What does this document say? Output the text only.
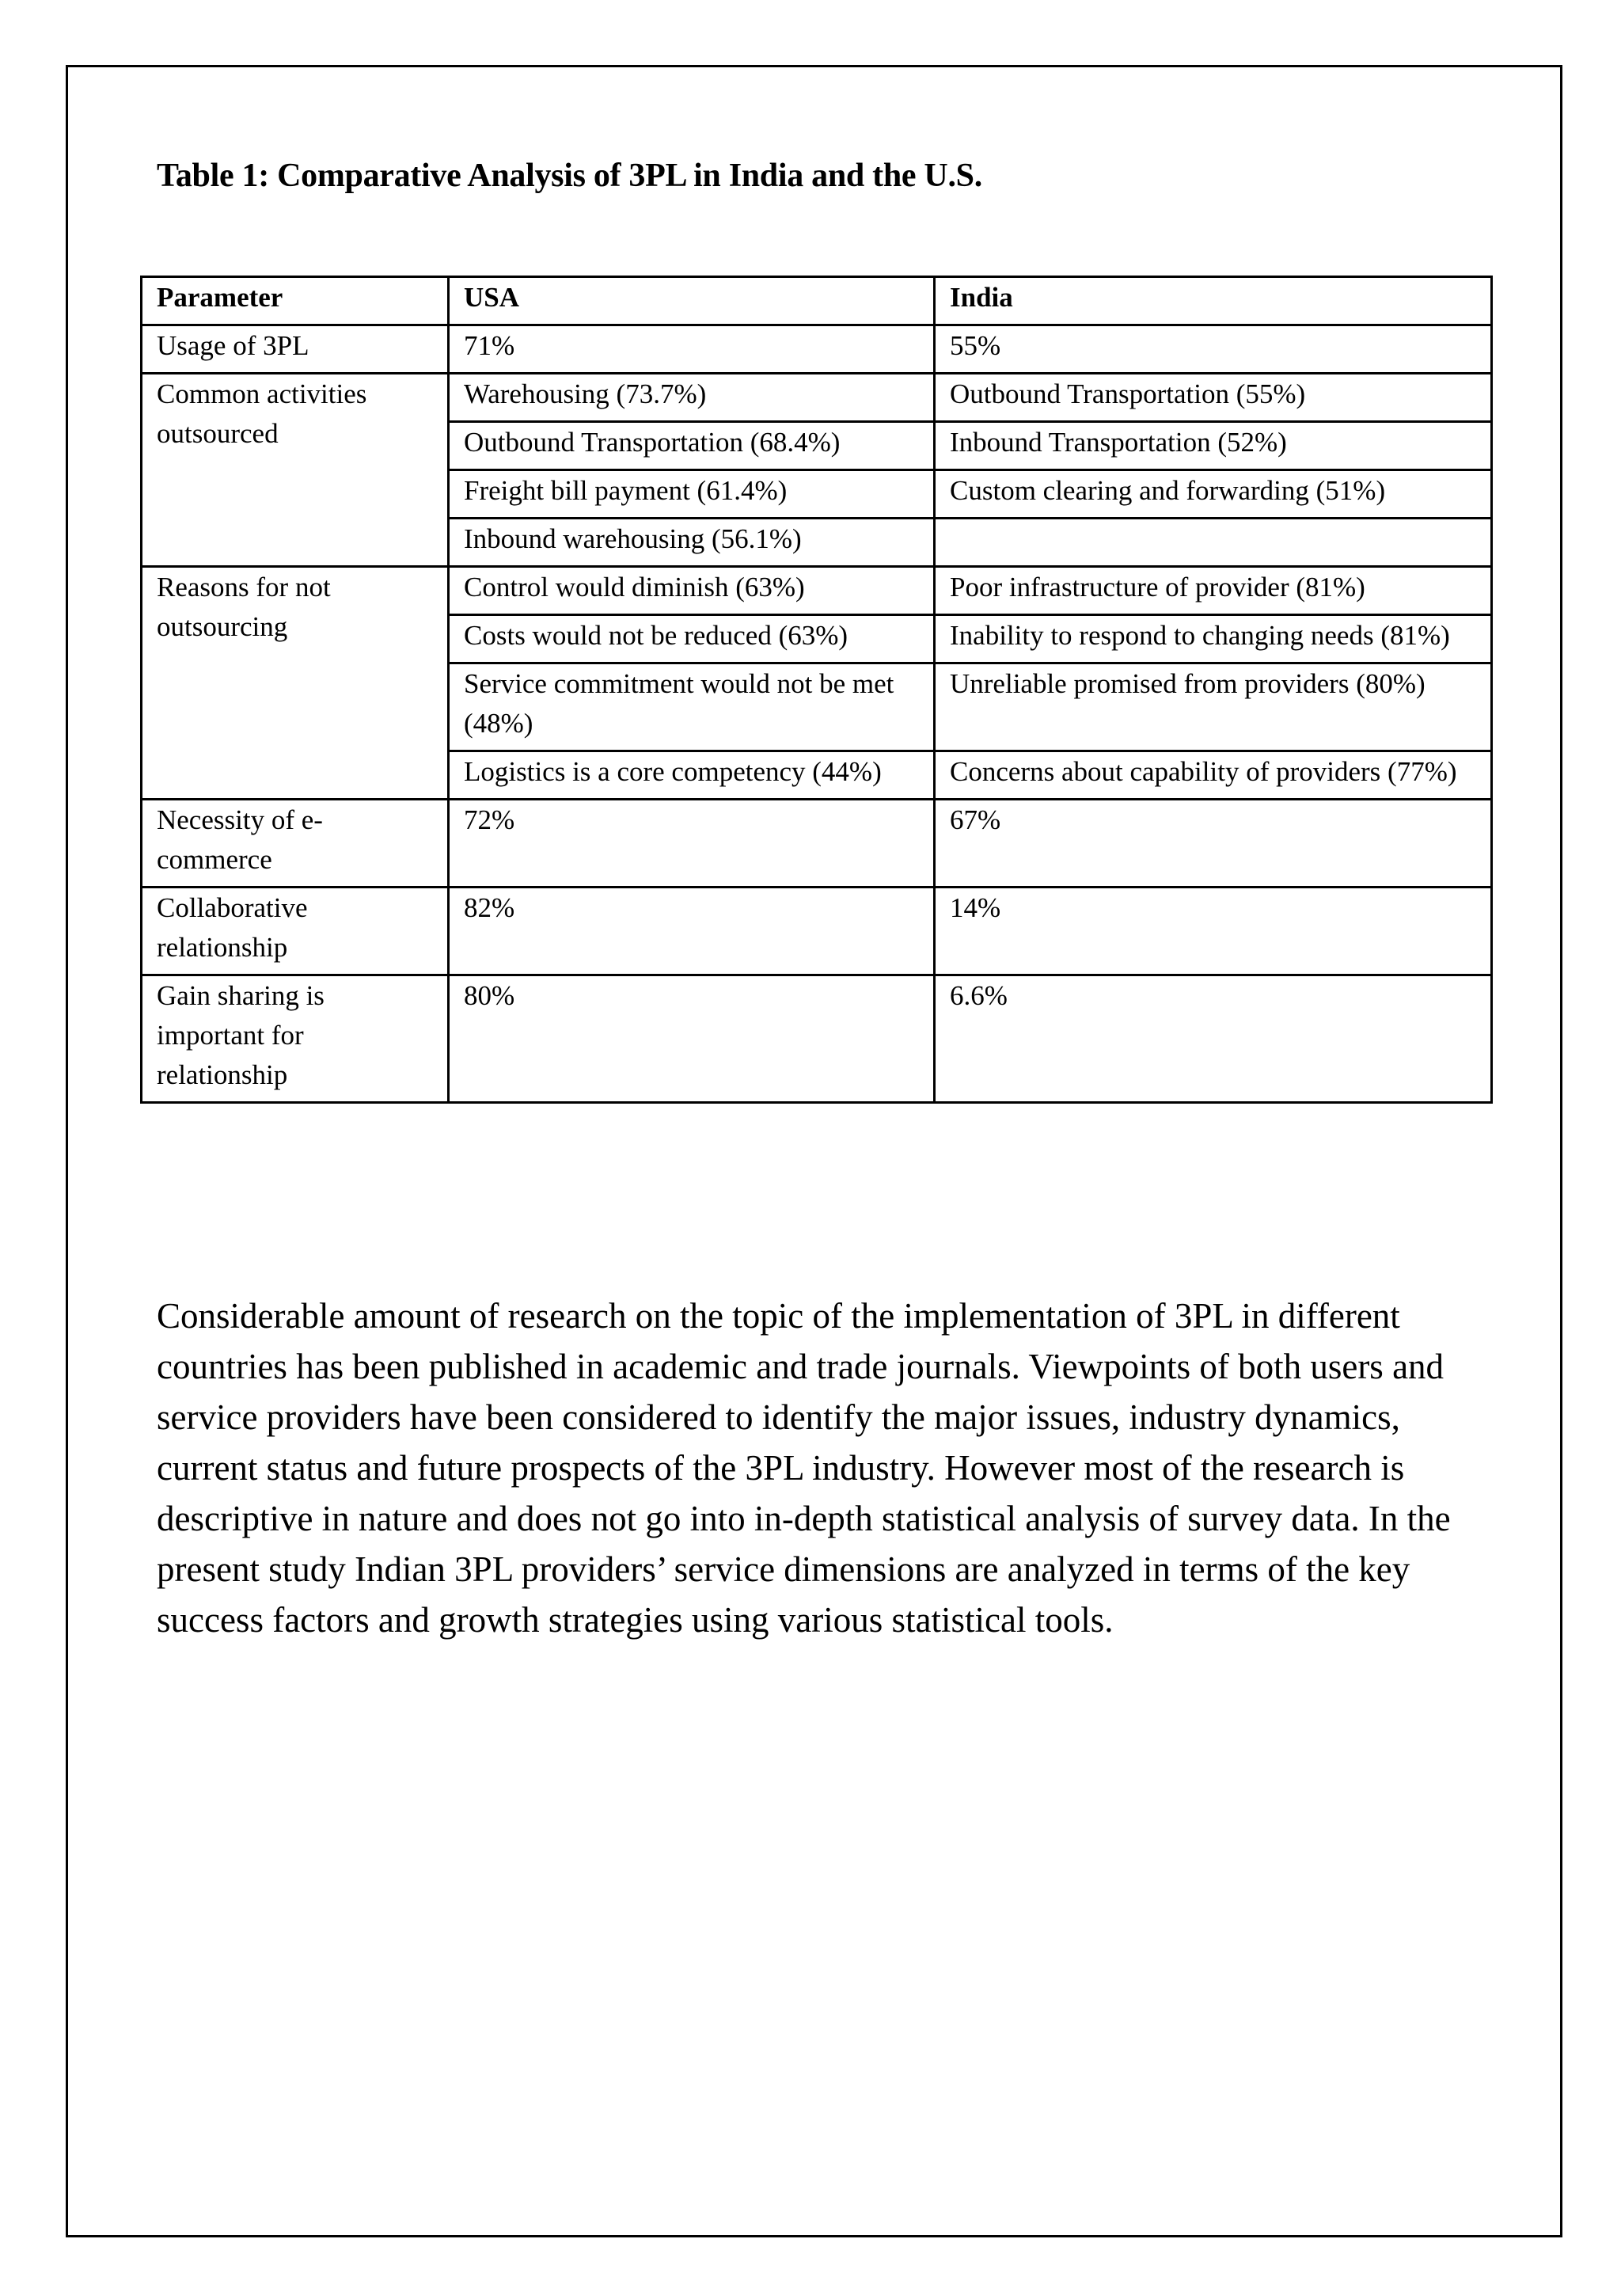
Table 1: Comparative Analysis of 3PL in India and the U.S.
Parameter	USA	India
Usage of 3PL	71%	55%
Common activities outsourced	Warehousing (73.7%)	Outbound Transportation (55%)
	Outbound Transportation (68.4%)	Inbound Transportation (52%)
	Freight bill payment (61.4%)	Custom clearing and forwarding (51%)
	Inbound warehousing (56.1%)	
Reasons for not outsourcing	Control would diminish (63%)	Poor infrastructure of provider (81%)
	Costs would not be reduced (63%)	Inability to respond to changing needs (81%)
	Service commitment would not be met (48%)	Unreliable promised from providers (80%)
	Logistics is a core competency (44%)	Concerns about capability of providers (77%)
Necessity of e-commerce	72%	67%
Collaborative relationship	82%	14%
Gain sharing is important for relationship	80%	6.6%

Considerable amount of research on the topic of the implementation of 3PL in different countries has been published in academic and trade journals. Viewpoints of both users and service providers have been considered to identify the major issues, industry dynamics, current status and future prospects of the 3PL industry. However most of the research is descriptive in nature and does not go into in-depth statistical analysis of survey data. In the present study Indian 3PL providers’ service dimensions are analyzed in terms of the key success factors and growth strategies using various statistical tools.
